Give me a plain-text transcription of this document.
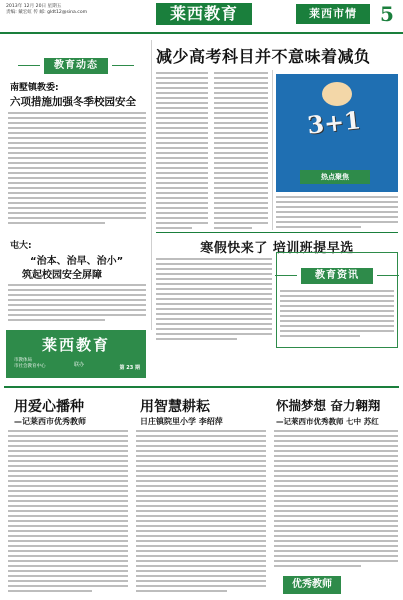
2013年 12月 20日 星期五
责编: 戴宏虹 传 邮: gldt12@sina.com	莱西教育	莱西市情	5
教育动态
南墅镇教委:
六项措施加强冬季校园安全
屯大:
“治本、治早、治小”
筑起校园安全屏障
莱西教育
市教体局
市社会教育中心	联办	第 23 期
减少高考科目并不意味着减负
3+1
热点聚焦
寒假快来了 培训班提早选
教育资讯
用爱心播种
—记莱西市优秀教师
用智慧耕耘
日庄镇院里小学 李绍萍
怀揣梦想 奋力翱翔
—记莱西市优秀教师 七中 苏红
优秀教师
